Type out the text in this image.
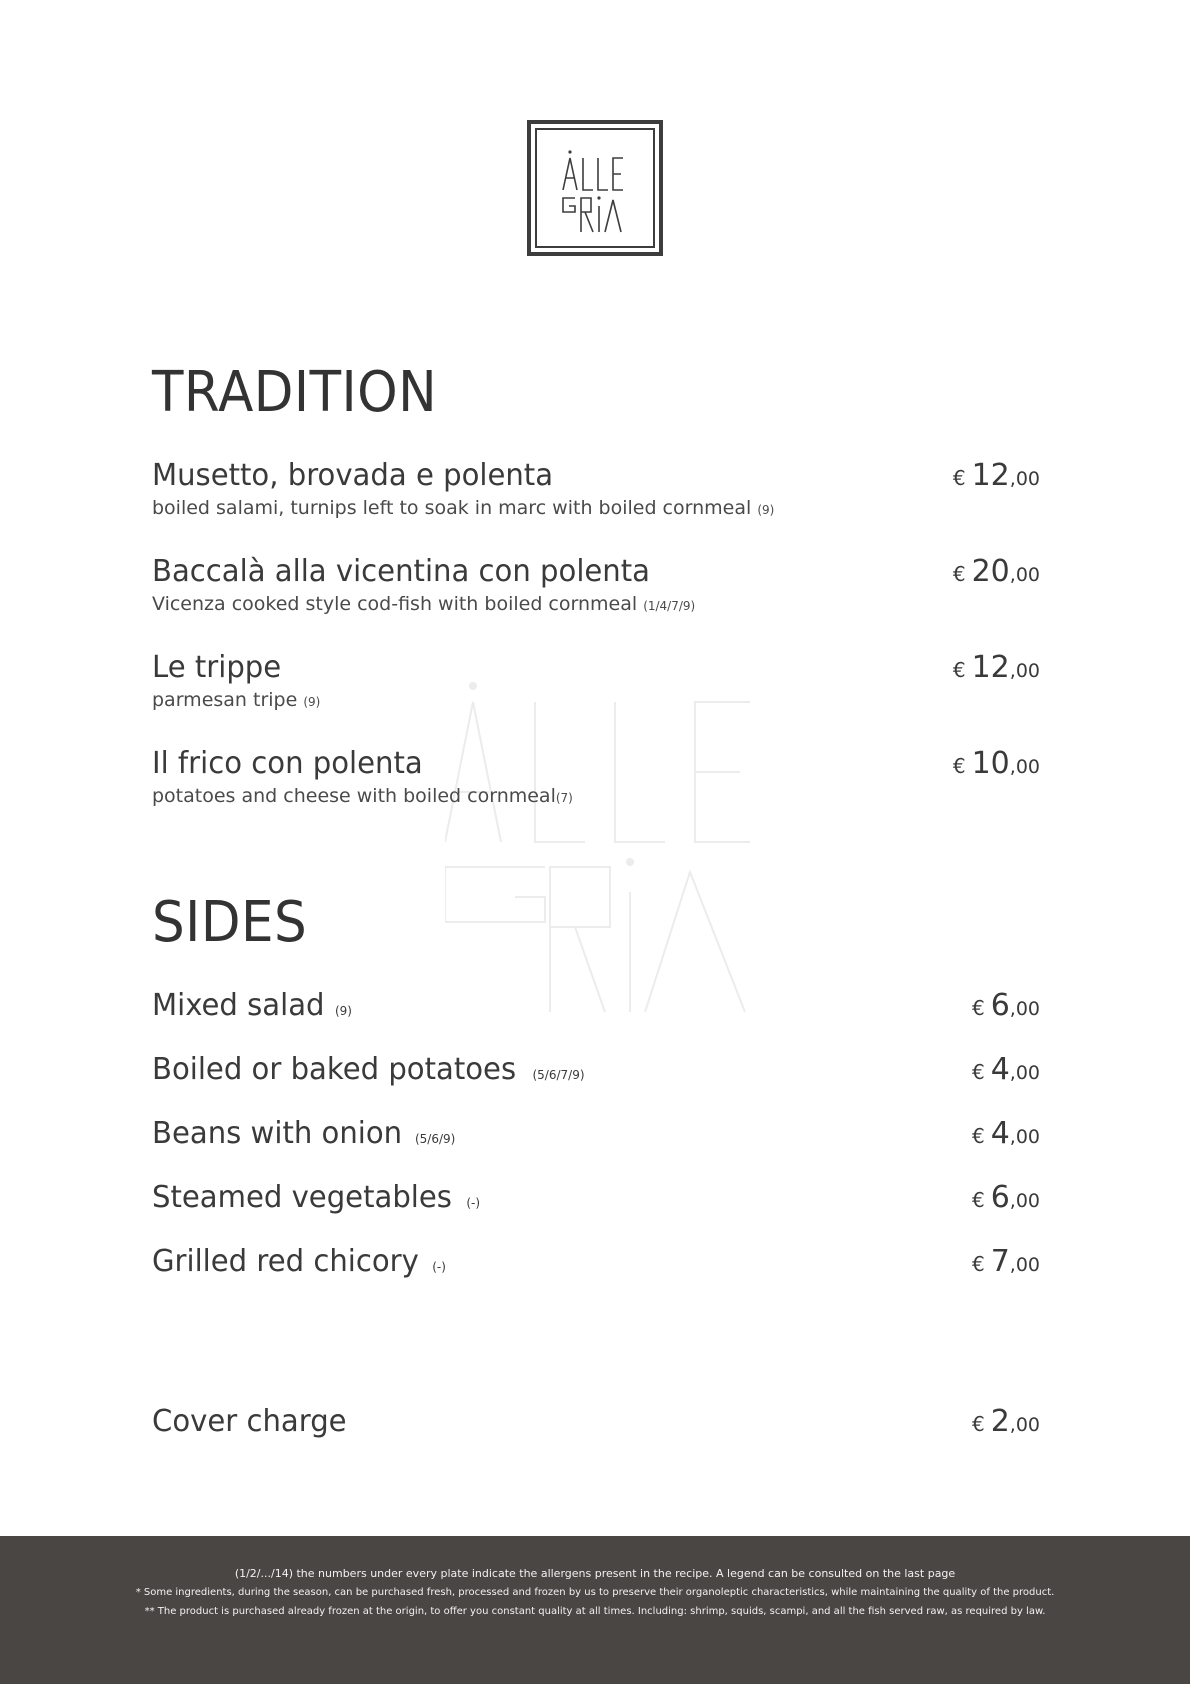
TRADITION
Musetto, brovada e polenta
boiled salami, turnips left to soak in marc with boiled cornmeal (9)
€ 12,00
Baccalà alla vicentina con polenta
Vicenza cooked style cod-fish with boiled cornmeal (1/4/7/9)
€ 20,00
Le trippe
parmesan tripe (9)
€ 12,00
Il frico con polenta
potatoes and cheese with boiled cornmeal(7)
€ 10,00
SIDES
Mixed salad (9)	€ 6,00
Boiled or baked potatoes (5/6/7/9)	€ 4,00
Beans with onion (5/6/9)	€ 4,00
Steamed vegetables (-)	€ 6,00
Grilled red chicory (-)	€ 7,00
Cover charge	€ 2,00
(1/2/.../14) the numbers under every plate indicate the allergens present in the recipe. A legend can be consulted on the last page
* Some ingredients, during the season, can be purchased fresh, processed and frozen by us to preserve their organoleptic characteristics, while maintaining the quality of the product.
** The product is purchased already frozen at the origin, to offer you constant quality at all times. Including: shrimp, squids, scampi, and all the fish served raw, as required by law.
